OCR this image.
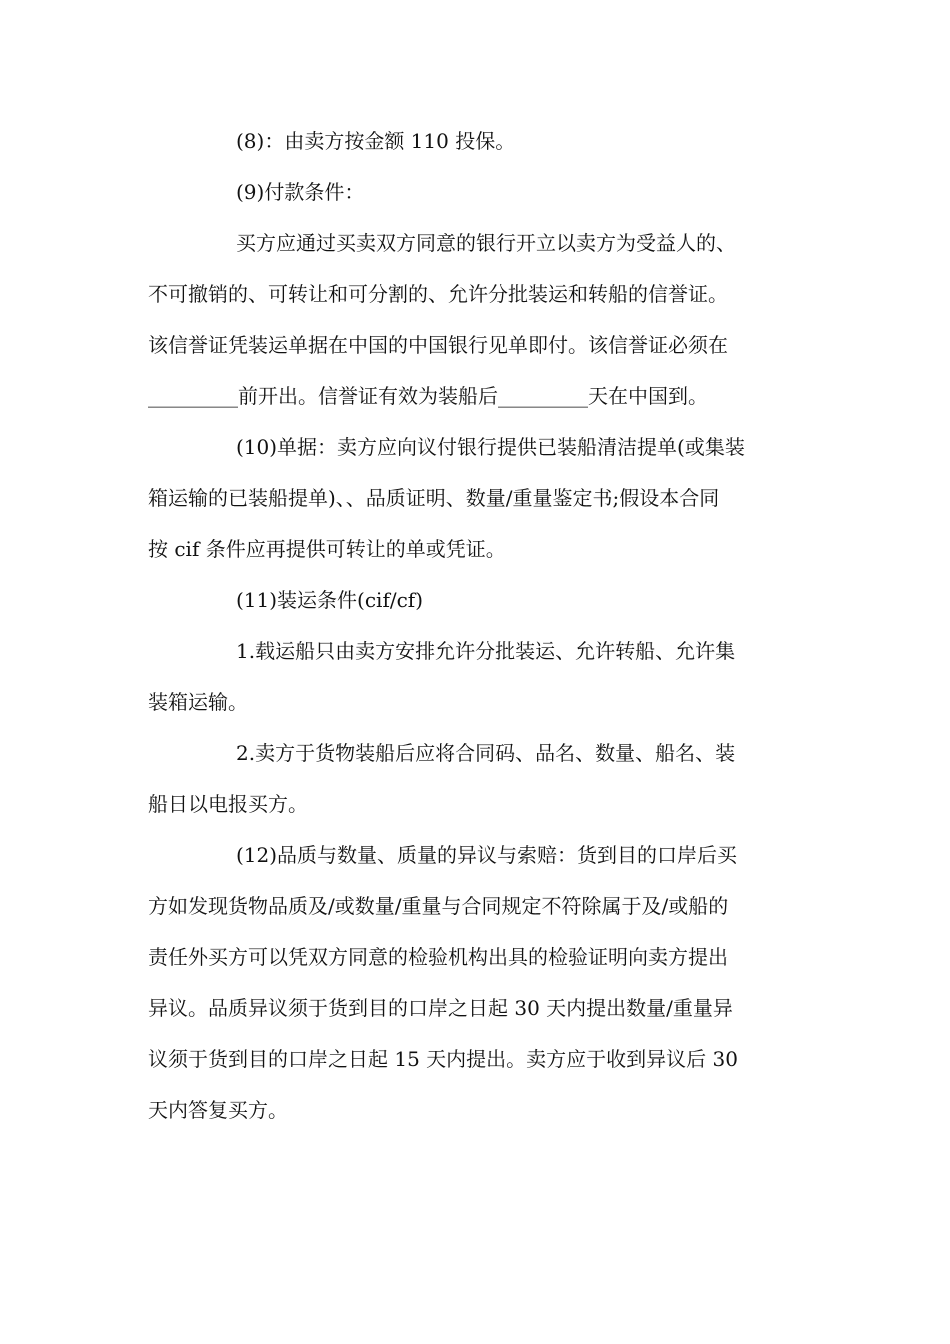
(8)：由卖方按金额 110 投保。

(9)付款条件：

买方应通过买卖双方同意的银行开立以卖方为受益人的、
不可撤销的、可转让和可分割的、允许分批装运和转船的信誉证。
该信誉证凭装运单据在中国的中国银行见单即付。该信誉证必须在
_________前开出。信誉证有效为装船后_________天在中国到。

(10)单据：卖方应向议付银行提供已装船清洁提单(或集装
箱运输的已装船提单)、、品质证明、数量/重量鉴定书;假设本合同
按 cif 条件应再提供可转让的单或凭证。

(11)装运条件(cif/cf)

1.载运船只由卖方安排允许分批装运、允许转船、允许集
装箱运输。

2.卖方于货物装船后应将合同码、品名、数量、船名、装
船日以电报买方。

(12)品质与数量、质量的异议与索赔：货到目的口岸后买
方如发现货物品质及/或数量/重量与合同规定不符除属于及/或船的
责任外买方可以凭双方同意的检验机构出具的检验证明向卖方提出
异议。品质异议须于货到目的口岸之日起 30 天内提出数量/重量异
议须于货到目的口岸之日起 15 天内提出。卖方应于收到异议后 30
天内答复买方。
